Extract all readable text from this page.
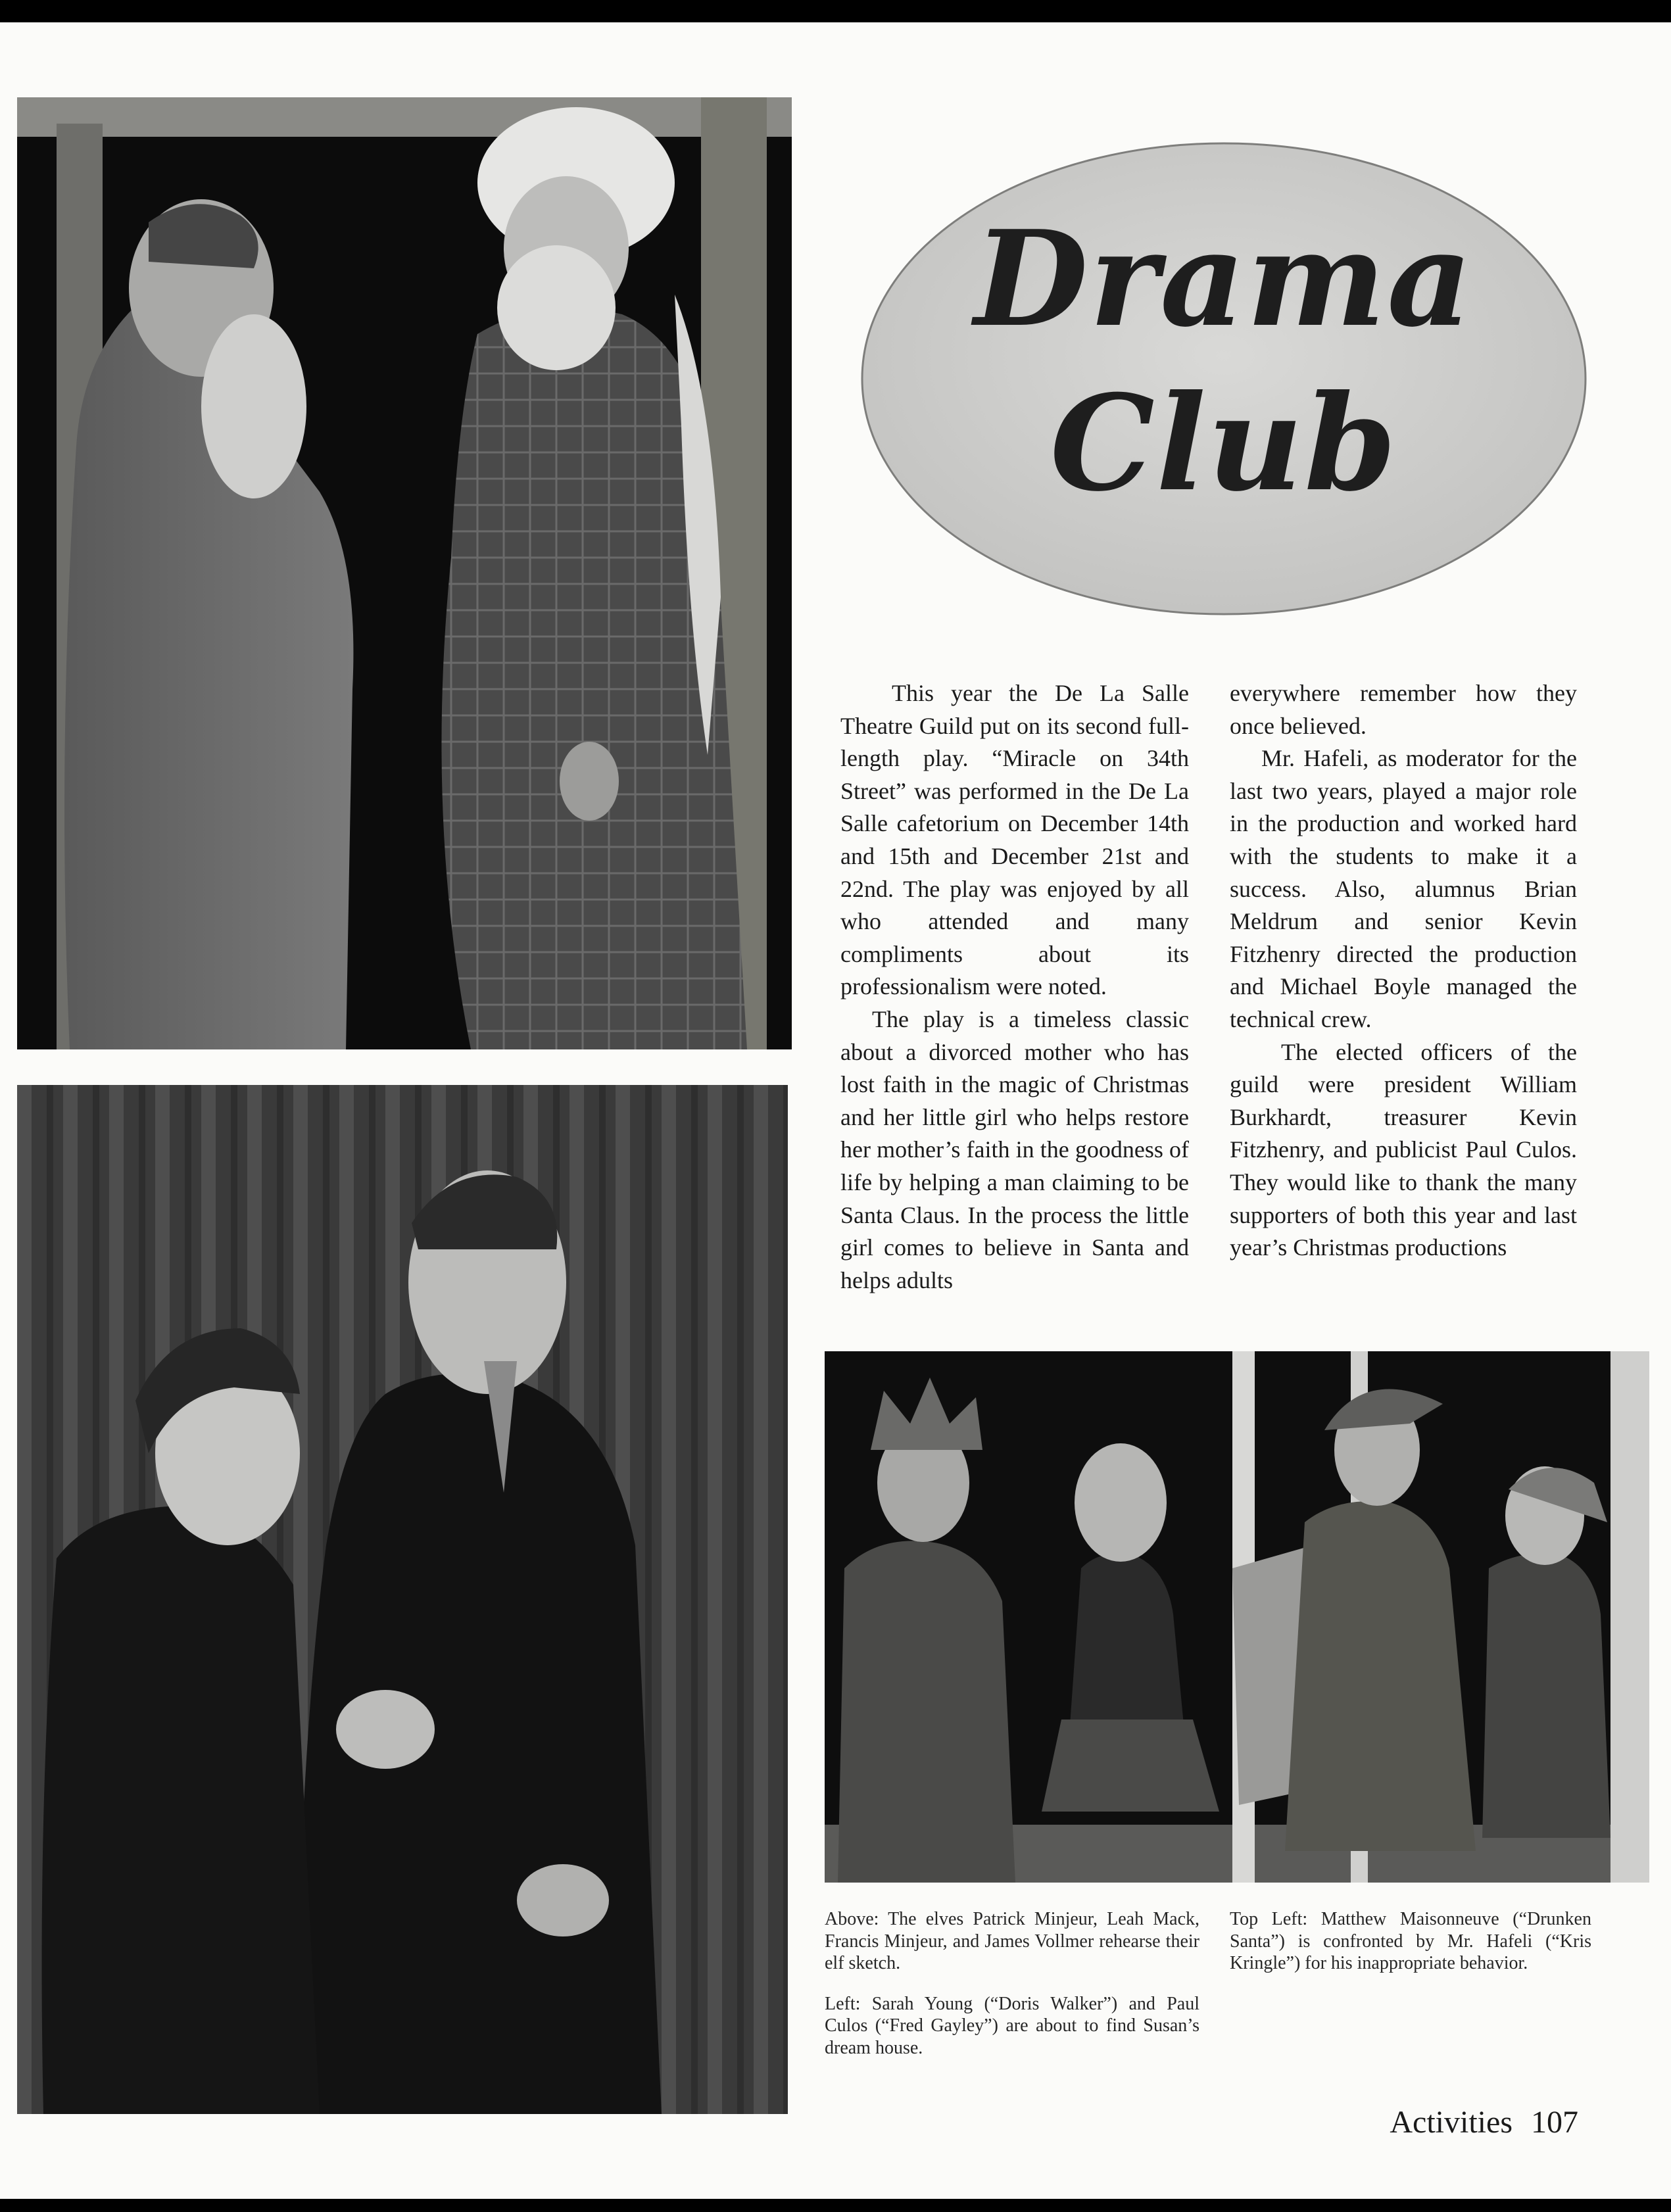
Drama
Club

This year the De La Salle Theatre Guild put on its second full-length play. “Miracle on 34th Street” was performed in the De La Salle cafetorium on December 14th and 15th and December 21st and 22nd. The play was enjoyed by all who attended and many compliments about its professionalism were noted.

The play is a timeless classic about a divorced mother who has lost faith in the magic of Christmas and her little girl who helps restore her mother’s faith in the goodness of life by helping a man claiming to be Santa Claus. In the process the little girl comes to believe in Santa and helps adults

everywhere remember how they once believed.

Mr. Hafeli, as moderator for the last two years, played a major role in the production and worked hard with the students to make it a success. Also, alumnus Brian Meldrum and senior Kevin Fitzhenry directed the production and Michael Boyle managed the technical crew.

The elected officers of the guild were president William Burkhardt, treasurer Kevin Fitzhenry, and publicist Paul Culos. They would like to thank the many supporters of both this year and last year’s Christmas productions

Above: The elves Patrick Minjeur, Leah Mack, Francis Minjeur, and James Vollmer rehearse their elf sketch.

Left: Sarah Young (“Doris Walker”) and Paul Culos (“Fred Gayley”) are about to find Susan’s dream house.

Top Left: Matthew Maisonneuve (“Drunken Santa”) is confronted by Mr. Hafeli (“Kris Kringle”) for his inappropriate behavior.

Activities 107
